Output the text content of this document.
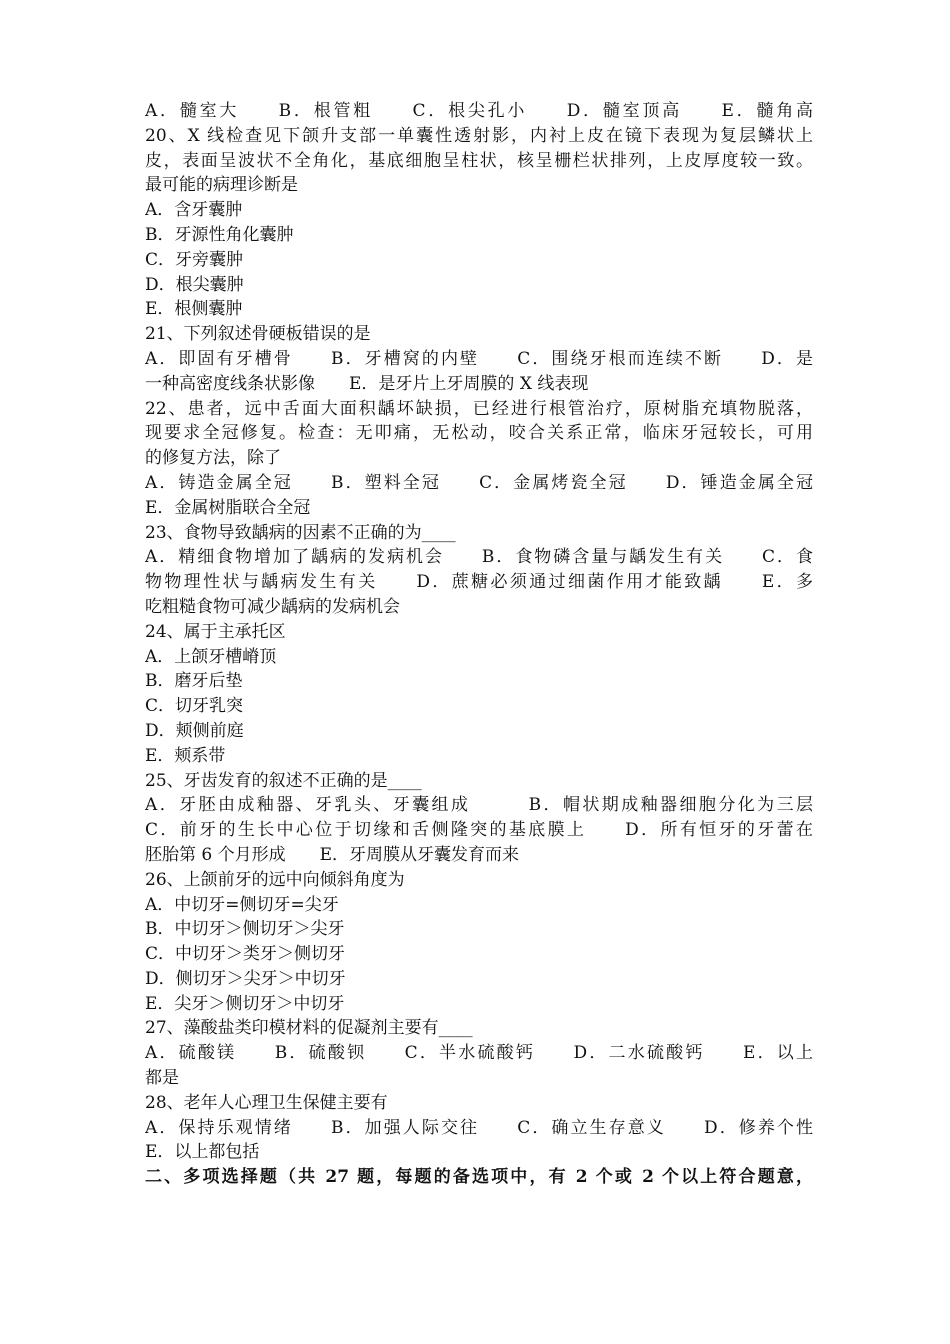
A．髓室大　　B．根管粗　　C．根尖孔小　　D．髓室顶高　　E．髓角高
20、X 线检查见下颌升支部一单囊性透射影，内衬上皮在镜下表现为复层鳞状上
皮，表面呈波状不全角化，基底细胞呈柱状，核呈栅栏状排列，上皮厚度较一致。
最可能的病理诊断是
A．含牙囊肿
B．牙源性角化囊肿
C．牙旁囊肿
D．根尖囊肿
E．根侧囊肿
21、下列叙述骨硬板错误的是
A．即固有牙槽骨　　B．牙槽窝的内壁　　C．围绕牙根而连续不断　　D．是
一种高密度线条状影像　　E．是牙片上牙周膜的 X 线表现
22、患者，远中舌面大面积龋坏缺损，已经进行根管治疗，原树脂充填物脱落，
现要求全冠修复。检查：无叩痛，无松动，咬合关系正常，临床牙冠较长，可用
的修复方法，除了
A．铸造金属全冠　　B．塑料全冠　　C．金属烤瓷全冠　　D．锤造金属全冠
E．金属树脂联合全冠
23、食物导致龋病的因素不正确的为____
A．精细食物增加了龋病的发病机会　　B．食物磷含量与龋发生有关　　C．食
物物理性状与龋病发生有关　　D．蔗糖必须通过细菌作用才能致龋　　E．多
吃粗糙食物可减少龋病的发病机会
24、属于主承托区
A．上颌牙槽嵴顶
B．磨牙后垫
C．切牙乳突
D．颊侧前庭
E．颊系带
25、牙齿发育的叙述不正确的是____
A．牙胚由成釉器、牙乳头、牙囊组成　　　B．帽状期成釉器细胞分化为三层
C．前牙的生长中心位于切缘和舌侧隆突的基底膜上　　D．所有恒牙的牙蕾在
胚胎第 6 个月形成　　E．牙周膜从牙囊发育而来
26、上颌前牙的远中向倾斜角度为
A．中切牙=侧切牙=尖牙
B．中切牙＞侧切牙＞尖牙
C．中切牙＞类牙＞侧切牙
D．侧切牙＞尖牙＞中切牙
E．尖牙＞侧切牙＞中切牙
27、藻酸盐类印模材料的促凝剂主要有____
A．硫酸镁　　B．硫酸钡　　C．半水硫酸钙　　D．二水硫酸钙　　E．以上
都是
28、老年人心理卫生保健主要有
A．保持乐观情绪　　B．加强人际交往　　C．确立生存意义　　D．修养个性
E．以上都包括
二、多项选择题（共 27 题，每题的备选项中，有 2 个或 2 个以上符合题意，
